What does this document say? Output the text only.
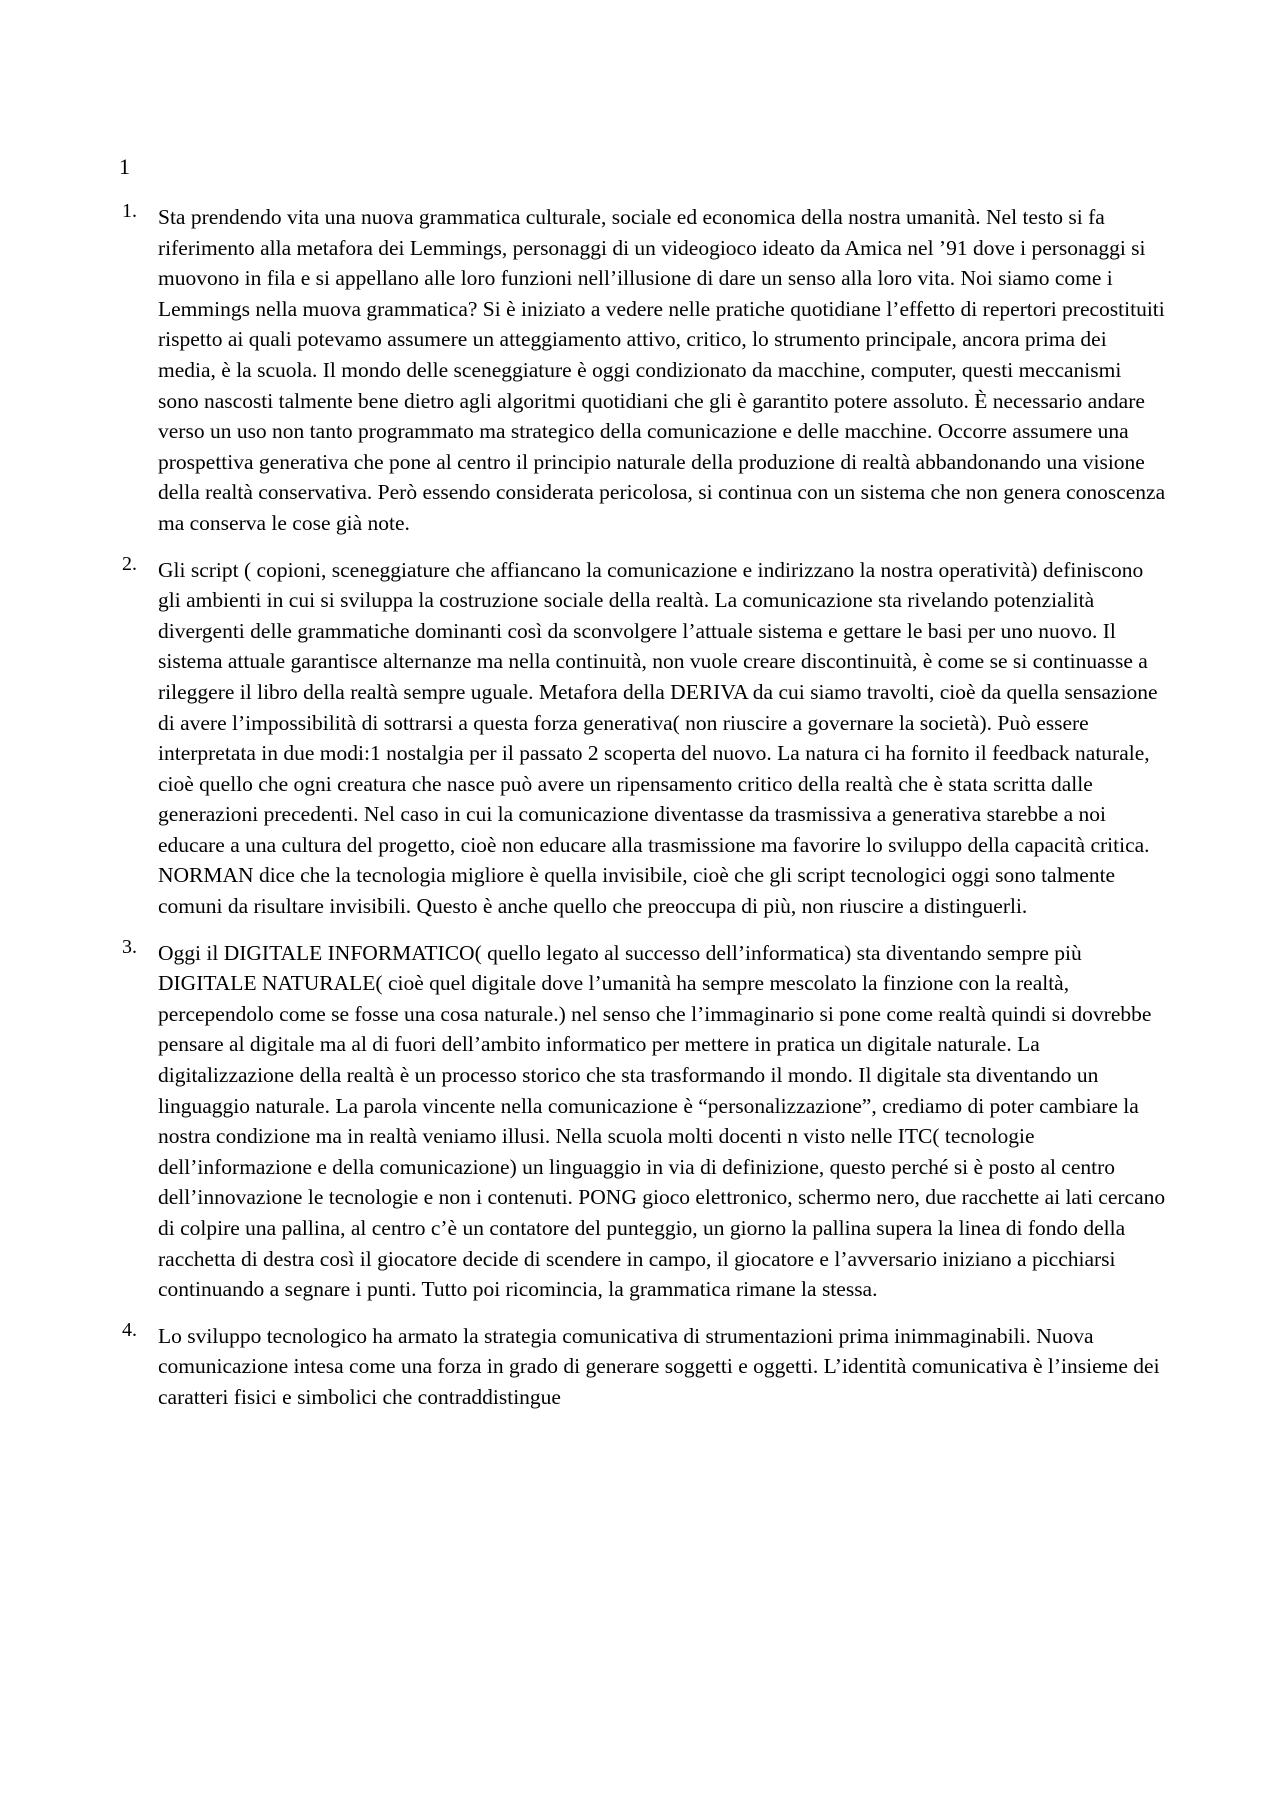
1
1. Sta prendendo vita una nuova grammatica culturale, sociale ed economica della nostra umanità. Nel testo si fa riferimento alla metafora dei Lemmings, personaggi di un videogioco ideato da Amica nel ’91 dove i personaggi si muovono in fila e si appellano alle loro funzioni nell’illusione di dare un senso alla loro vita. Noi siamo come i Lemmings nella muova grammatica? Si è iniziato a vedere nelle pratiche quotidiane l’effetto di repertori precostituiti rispetto ai quali potevamo assumere un atteggiamento attivo, critico, lo strumento principale, ancora prima dei media, è la scuola. Il mondo delle sceneggiature è oggi condizionato da macchine, computer, questi meccanismi sono nascosti talmente bene dietro agli algoritmi quotidiani che gli è garantito potere assoluto. È necessario andare verso un uso non tanto programmato ma strategico della comunicazione e delle macchine. Occorre assumere una prospettiva generativa che pone al centro il principio naturale della produzione di realtà abbandonando una visione della realtà conservativa. Però essendo considerata pericolosa, si continua con un sistema che non genera conoscenza ma conserva le cose già note.
2. Gli script ( copioni, sceneggiature che affiancano la comunicazione e indirizzano la nostra operatività) definiscono gli ambienti in cui si sviluppa la costruzione sociale della realtà. La comunicazione sta rivelando potenzialità divergenti delle grammatiche dominanti così da sconvolgere l’attuale sistema e gettare le basi per uno nuovo. Il sistema attuale garantisce alternanze ma nella continuità, non vuole creare discontinuità, è come se si continuasse a rileggere il libro della realtà sempre uguale. Metafora della DERIVA da cui siamo travolti, cioè da quella sensazione di avere l’impossibilità di sottrarsi a questa forza generativa( non riuscire a governare la società). Può essere interpretata in due modi:1 nostalgia per il passato 2 scoperta del nuovo. La natura ci ha fornito il feedback naturale, cioè quello che ogni creatura che nasce può avere un ripensamento critico della realtà che è stata scritta dalle generazioni precedenti. Nel caso in cui la comunicazione diventasse da trasmissiva a generativa starebbe a noi educare a una cultura del progetto, cioè non educare alla trasmissione ma favorire lo sviluppo della capacità critica. NORMAN dice che la tecnologia migliore è quella invisibile, cioè che gli script tecnologici oggi sono talmente comuni da risultare invisibili. Questo è anche quello che preoccupa di più, non riuscire a distinguerli.
3. Oggi il DIGITALE INFORMATICO( quello legato al successo dell’informatica) sta diventando sempre più DIGITALE NATURALE( cioè quel digitale dove l’umanità ha sempre mescolato la finzione con la realtà, percependolo come se fosse una cosa naturale.) nel senso che l’immaginario si pone come realtà quindi si dovrebbe pensare al digitale ma al di fuori dell’ambito informatico per mettere in pratica un digitale naturale. La digitalizzazione della realtà è un processo storico che sta trasformando il mondo. Il digitale sta diventando un linguaggio naturale. La parola vincente nella comunicazione è “personalizzazione”, crediamo di poter cambiare la nostra condizione ma in realtà veniamo illusi. Nella scuola molti docenti n visto nelle ITC( tecnologie dell’informazione e della comunicazione) un linguaggio in via di definizione, questo perché si è posto al centro dell’innovazione le tecnologie e non i contenuti. PONG gioco elettronico, schermo nero, due racchette ai lati cercano di colpire una pallina, al centro c’è un contatore del punteggio, un giorno la pallina supera la linea di fondo della racchetta di destra così il giocatore decide di scendere in campo, il giocatore e l’avversario iniziano a picchiarsi continuando a segnare i punti. Tutto poi ricomincia, la grammatica rimane la stessa.
4. Lo sviluppo tecnologico ha armato la strategia comunicativa di strumentazioni prima inimmaginabili. Nuova comunicazione intesa come una forza in grado di generare soggetti e oggetti. L’identità comunicativa è l’insieme dei caratteri fisici e simbolici che contraddistingue
